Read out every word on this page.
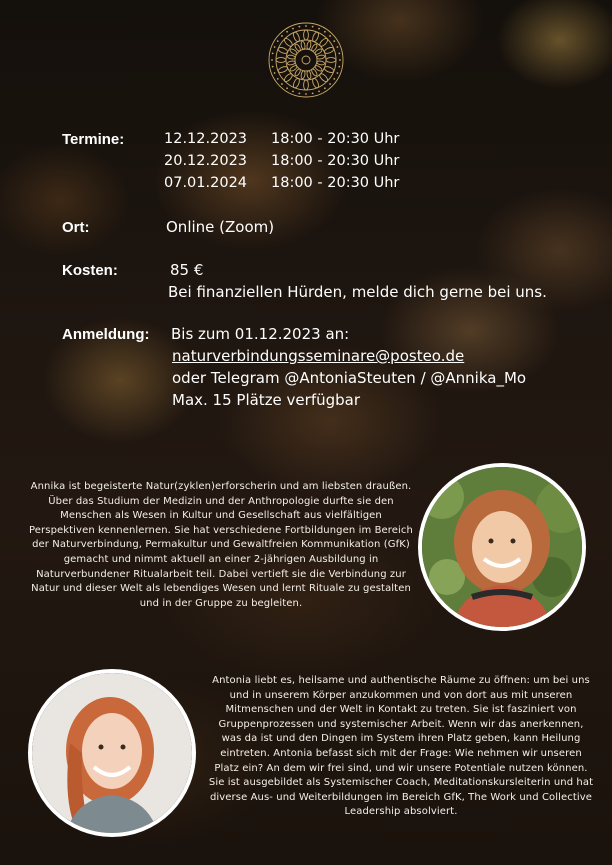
Termine:	12.12.2023 18:00 - 20:30 Uhr
20.12.2023 18:00 - 20:30 Uhr
07.01.2024 18:00 - 20:30 Uhr
Ort:	Online (Zoom)
Kosten:	85 €
Bei finanziellen Hürden, melde dich gerne bei uns.
Anmeldung: Bis zum 01.12.2023 an:
naturverbindungsseminare@posteo.de
oder Telegram @AntoniaSteuten / @Annika_Mo
Max. 15 Plätze verfügbar
Annika ist begeisterte Natur(zyklen)erforscherin und am liebsten draußen. Über das Studium der Medizin und der Anthropologie durfte sie den Menschen als Wesen in Kultur und Gesellschaft aus vielfältigen Perspektiven kennenlernen. Sie hat verschiedene Fortbildungen im Bereich der Naturverbindung, Permakultur und Gewaltfreien Kommunikation (GfK) gemacht und nimmt aktuell an einer 2-jährigen Ausbildung in Naturverbundener Ritualarbeit teil. Dabei vertieft sie die Verbindung zur Natur und dieser Welt als lebendiges Wesen und lernt Rituale zu gestalten und in der Gruppe zu begleiten.
Antonia liebt es, heilsame und authentische Räume zu öffnen: um bei uns und in unserem Körper anzukommen und von dort aus mit unseren Mitmenschen und der Welt in Kontakt zu treten. Sie ist fasziniert von Gruppenprozessen und systemischer Arbeit. Wenn wir das anerkennen, was da ist und den Dingen im System ihren Platz geben, kann Heilung eintreten. Antonia befasst sich mit der Frage: Wie nehmen wir unseren Platz ein? An dem wir frei sind, und wir unsere Potentiale nutzen können. Sie ist ausgebildet als Systemischer Coach, Meditationskursleiterin und hat diverse Aus- und Weiterbildungen im Bereich GfK, The Work und Collective Leadership absolviert.
